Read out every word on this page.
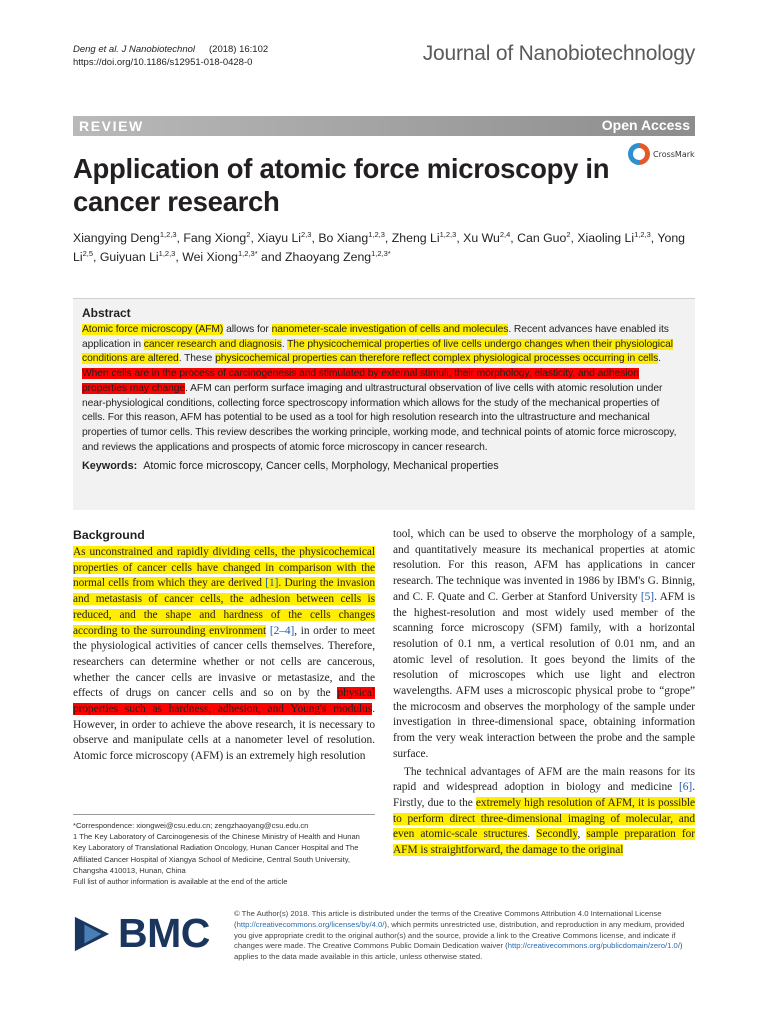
Deng et al. J Nanobiotechnol (2018) 16:102
https://doi.org/10.1186/s12951-018-0428-0	Journal of Nanobiotechnology
REVIEW	Open Access
Application of atomic force microscopy in cancer research
CrossMark
Xiangying Deng$^{1,2,3}$, Fang Xiong$^2$, Xiayu Li$^{2,3}$, Bo Xiang$^{1,2,3}$, Zheng Li$^{1,2,3}$, Xu Wu$^{2,4}$, Can Guo$^2$, Xiaoling Li$^{1,2,3}$, Yong Li$^{2,5}$, Guiyuan Li$^{1,2,3}$, Wei Xiong$^{1,2,3*}$ and Zhaoyang Zeng$^{1,2,3*}$
Abstract
Atomic force microscopy (AFM) allows for nanometer-scale investigation of cells and molecules. Recent advances have enabled its application in cancer research and diagnosis. The physicochemical properties of live cells undergo changes when their physiological conditions are altered. These physicochemical properties can therefore reflect complex physiological processes occurring in cells. When cells are in the process of carcinogenesis and stimulated by external stimuli, their morphology, elasticity, and adhesion properties may change. AFM can perform surface imaging and ultrastructural observation of live cells with atomic resolution under near-physiological conditions, collecting force spectroscopy information which allows for the study of the mechanical properties of cells. For this reason, AFM has potential to be used as a tool for high resolution research into the ultrastructure and mechanical properties of tumor cells. This review describes the working principle, working mode, and technical points of atomic force microscopy, and reviews the applications and prospects of atomic force microscopy in cancer research.
Keywords: Atomic force microscopy, Cancer cells, Morphology, Mechanical properties
Background

As unconstrained and rapidly dividing cells, the physicochemical properties of cancer cells have changed in comparison with the normal cells from which they are derived [1]. During the invasion and metastasis of cancer cells, the adhesion between cells is reduced, and the shape and hardness of the cells changes according to the surrounding environment [2–4], in order to meet the physiological activities of cancer cells themselves. Therefore, researchers can determine whether or not cells are cancerous, whether the cancer cells are invasive or metastasize, and the effects of drugs on cancer cells and so on by the physical properties such as hardness, adhesion, and Young's modulus. However, in order to achieve the above research, it is necessary to observe and manipulate cells at a nanometer level of resolution. Atomic force microscopy (AFM) is an extremely high resolution

tool, which can be used to observe the morphology of a sample, and quantitatively measure its mechanical properties at atomic resolution. For this reason, AFM has applications in cancer research. The technique was invented in 1986 by IBM's G. Binnig, and C. F. Quate and C. Gerber at Stanford University [5]. AFM is the highest-resolution and most widely used member of the scanning force microscopy (SFM) family, with a horizontal resolution of 0.1 nm, a vertical resolution of 0.01 nm, and an atomic level of resolution. It goes beyond the limits of the resolution of microscopes which use light and electron wavelengths. AFM uses a microscopic physical probe to “grope” the microcosm and observes the morphology of the sample under investigation in three-dimensional space, obtaining information from the very weak interaction between the probe and the sample surface.

The technical advantages of AFM are the main reasons for its rapid and widespread adoption in biology and medicine [6]. Firstly, due to the extremely high resolution of AFM, it is possible to perform direct three-dimensional imaging of molecular, and even atomic-scale structures. Secondly, sample preparation for AFM is straightforward, the damage to the original

*Correspondence: xiongwei@csu.edu.cn; zengzhaoyang@csu.edu.cn
1 The Key Laboratory of Carcinogenesis of the Chinese Ministry of Health and Hunan Key Laboratory of Translational Radiation Oncology, Hunan Cancer Hospital and The Affiliated Cancer Hospital of Xiangya School of Medicine, Central South University, Changsha 410013, Hunan, China
Full list of author information is available at the end of the article
BMC	© The Author(s) 2018. This article is distributed under the terms of the Creative Commons Attribution 4.0 International License (http://creativecommons.org/licenses/by/4.0/), which permits unrestricted use, distribution, and reproduction in any medium, provided you give appropriate credit to the original author(s) and the source, provide a link to the Creative Commons license, and indicate if changes were made. The Creative Commons Public Domain Dedication waiver (http://creativecommons.org/publicdomain/zero/1.0/) applies to the data made available in this article, unless otherwise stated.
